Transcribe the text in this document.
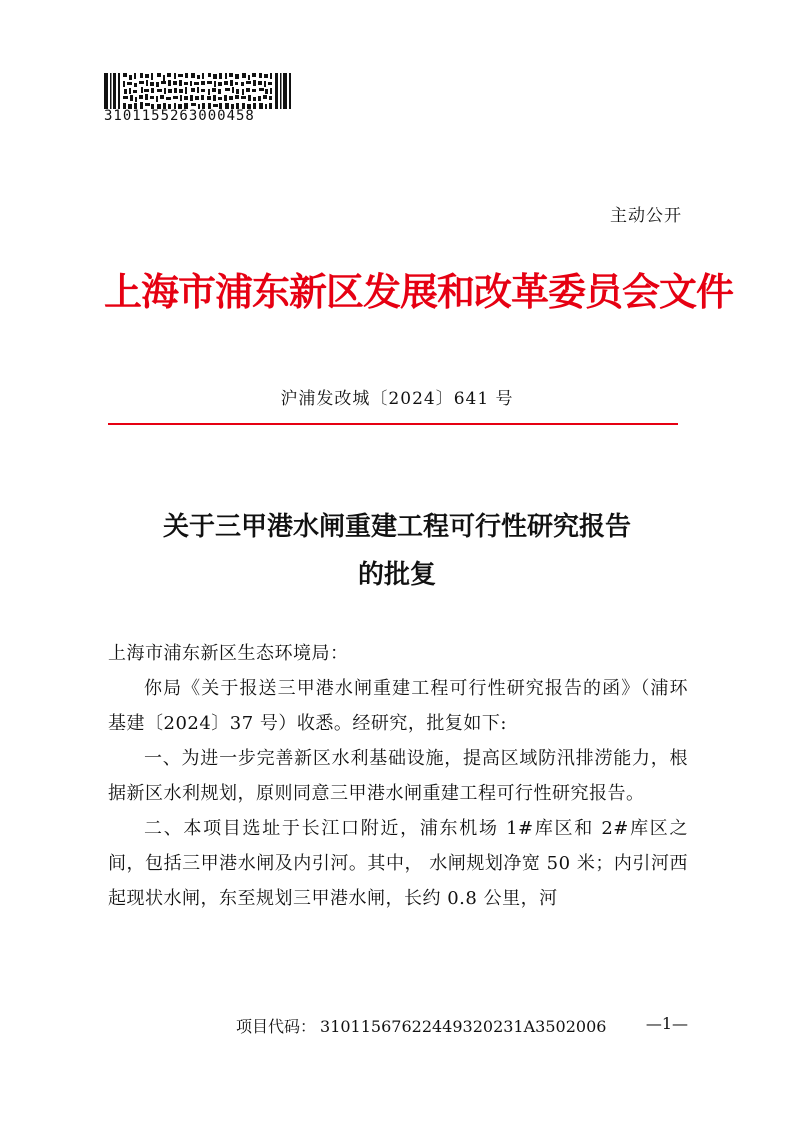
3101155263000458
主动公开
上海市浦东新区发展和改革委员会文件
沪浦发改城〔2024〕641 号
关于三甲港水闸重建工程可行性研究报告
的批复

上海市浦东新区生态环境局：

你局《关于报送三甲港水闸重建工程可行性研究报告的函》（浦环基建〔2024〕37 号）收悉。经研究，批复如下:

一、为进一步完善新区水利基础设施，提高区域防汛排涝能力，根据新区水利规划，原则同意三甲港水闸重建工程可行性研究报告。

二、本项目选址于长江口附近，浦东机场 1#库区和 2#库区之间，包括三甲港水闸及内引河。其中， 水闸规划净宽 50 米；内引河西起现状水闸，东至规划三甲港水闸，长约 0.8 公里，河

项目代码： 31011567622449320231A3502006 —1—
